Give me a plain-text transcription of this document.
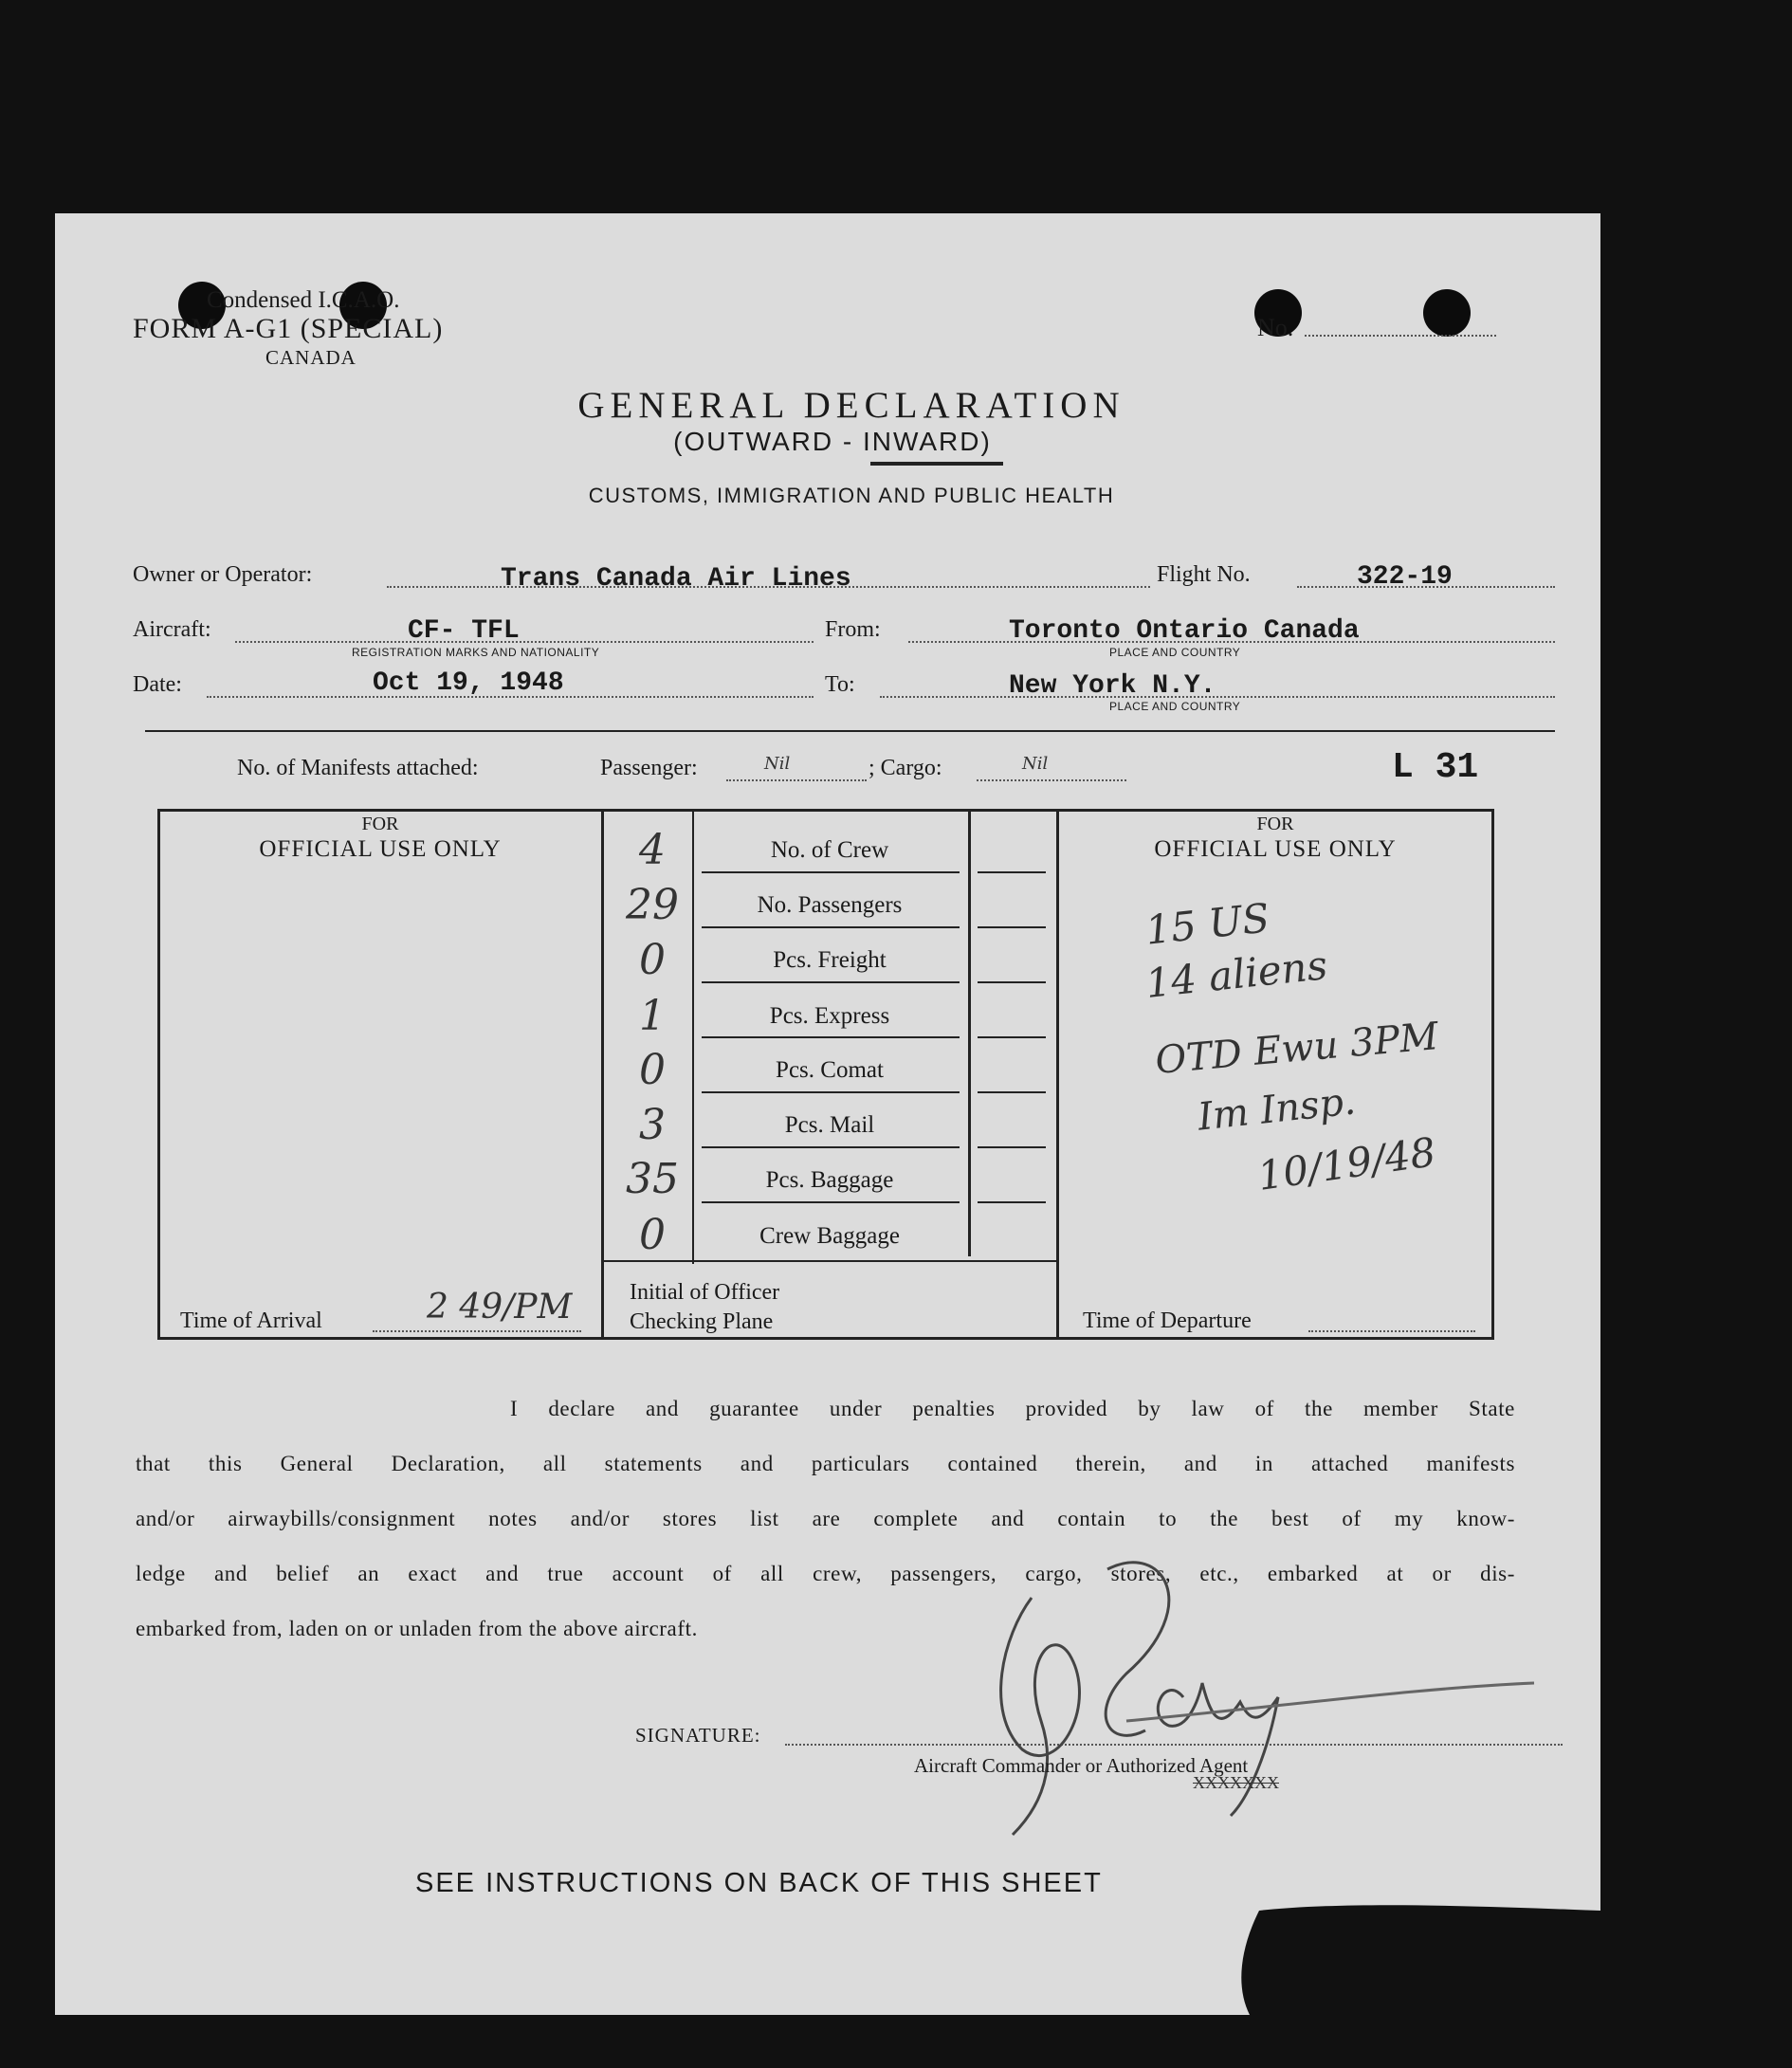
Condensed I.C.A.O.
FORM A-G1 (SPECIAL)
CANADA
No.
GENERAL DECLARATION
(OUTWARD - INWARD)
CUSTOMS, IMMIGRATION AND PUBLIC HEALTH
Owner or Operator:	Trans Canada Air Lines	Flight No.	322-19
Aircraft:	CF- TFL
REGISTRATION MARKS AND NATIONALITY
From:	Toronto Ontario Canada
PLACE AND COUNTRY
Date:	Oct 19, 1948	To:	New York N.Y.
PLACE AND COUNTRY
No. of Manifests attached:	Passenger:	Nil	; Cargo:	Nil	L 31
FOR
OFFICIAL USE ONLY
FOR
OFFICIAL USE ONLY
4	No. of Crew
29	No. Passengers
0	Pcs. Freight
1	Pcs. Express
0	Pcs. Comat
3	Pcs. Mail
35	Pcs. Baggage
0	Crew Baggage
Time of Arrival	2 49/PM	Initial of Officer
Checking Plane	Time of Departure
15 US
14 aliens
OTD Ewu 3PM
Im Insp.
10/19/48
I declare and guarantee under penalties provided by law of the member State
that this General Declaration, all statements and particulars contained therein, and in attached manifests
and/or airwaybills/consignment notes and/or stores list are complete and contain to the best of my know-
ledge and belief an exact and true account of all crew, passengers, cargo, stores, etc., embarked at or dis-
embarked from, laden on or unladen from the above aircraft.
SIGNATURE:
Aircraft Commander or Authorized Agent
XXXXXXX
SEE INSTRUCTIONS ON BACK OF THIS SHEET
